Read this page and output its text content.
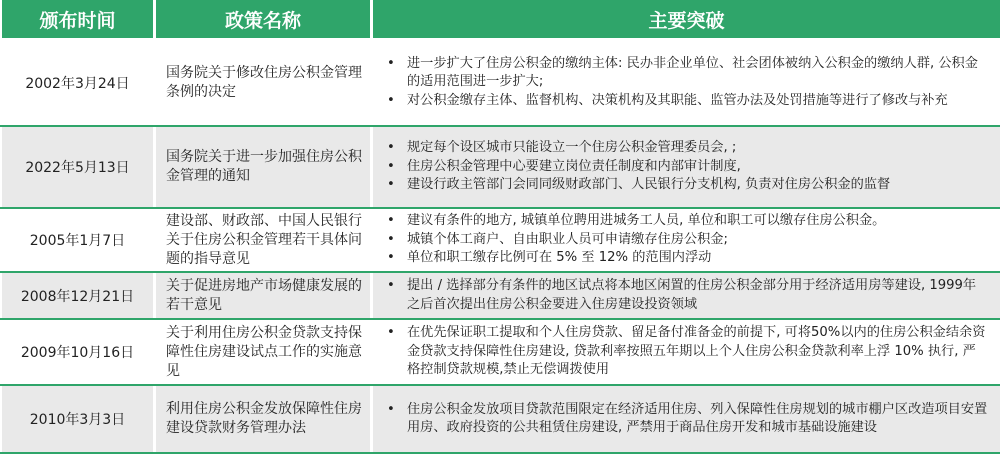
颁布时间	政策名称	主要突破
2002年3月24日
国务院关于修改住房公积金管理条例的决定
• 进一步扩大了住房公积金的缴纳主体: 民办非企业单位、社会团体被纳入公积金的缴纳人群, 公积金的适用范围进一步扩大;
• 对公积金缴存主体、监督机构、决策机构及其职能、监管办法及处罚措施等进行了修改与补充
2022年5月13日
国务院关于进一步加强住房公积金管理的通知
• 规定每个设区城市只能设立一个住房公积金管理委员会, ;
• 住房公积金管理中心要建立岗位责任制度和内部审计制度,
• 建设行政主管部门会同同级财政部门、人民银行分支机构, 负责对住房公积金的监督
2005年1月7日
建设部、财政部、中国人民银行 关于住房公积金管理若干具体问题的指导意见
• 建议有条件的地方, 城镇单位聘用进城务工人员, 单位和职工可以缴存住房公积金。
• 城镇个体工商户、自由职业人员可申请缴存住房公积金;
• 单位和职工缴存比例可在 5% 至 12% 的范围内浮动
2008年12月21日
关于促进房地产市场健康发展的若干意见
• 提出 / 选择部分有条件的地区试点将本地区闲置的住房公积金部分用于经济适用房等建设, 1999年之后首次提出住房公积金要进入住房建设投资领域
2009年10月16日
关于利用住房公积金贷款支持保障性住房建设试点工作的实施意见
• 在优先保证职工提取和个人住房贷款、留足备付准备金的前提下, 可将50%以内的住房公积金结余资金贷款支持保障性住房建设, 贷款利率按照五年期以上个人住房公积金贷款利率上浮 10% 执行, 严格控制贷款规模,禁止无偿调拨使用
2010年3月3日
利用住房公积金发放保障性住房建设贷款财务管理办法
• 住房公积金发放项目贷款范围限定在经济适用住房、列入保障性住房规划的城市棚户区改造项目安置用房、政府投资的公共租赁住房建设, 严禁用于商品住房开发和城市基础设施建设
